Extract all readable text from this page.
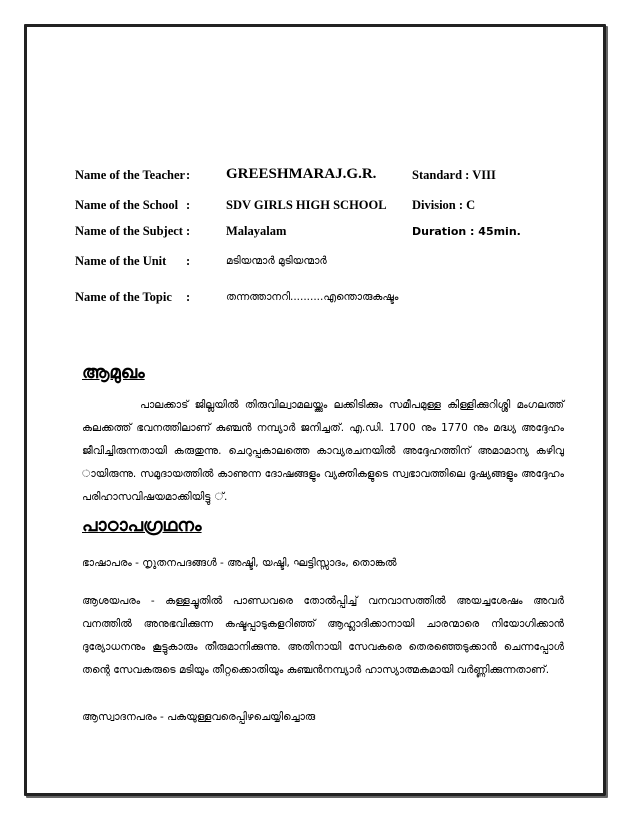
Name of the Teacher : GREESHMARAJ.G.R.	Standard : VIII
Name of the School :	SDV GIRLS HIGH SCHOOL Division : C
Name of the Subject :	Malayalam	Duration : 45min.
Name of the Unit :	മടിയന്മാർ മുടിയന്മാർ
Name of the Topic :	തന്നത്താനറി..........എന്തൊരുകഷ്ടം
ആമുഖം

പാലക്കാട് ജില്ലയിൽ തിരുവില്വാമലയ്ക്കും ലക്കിടിക്കും സമീപമുള്ള കിള്ളിക്കുറിശ്ശി മംഗലത്ത് കലക്കത്ത് ഭവനത്തിലാണ് കുഞ്ചൻ നമ്പ്യാർ ജനിച്ചത്. എ.ഡി. 1700 നും 1770 നും മദ്ധ്യ അദ്ദേഹം ജീവിച്ചിരുന്നതായി കരുതുന്നു. ചെറുപ്പകാലത്തെ കാവ്യരചനയിൽ അദ്ദേഹത്തിന് അമാമാന്യ കഴിവു ായിരുന്നു. സമുദായത്തിൽ കാണുന്ന ദോഷങ്ങളും വ്യക്തികളുടെ സ്വഭാവത്തിലെ ദൂഷ്യങ്ങളും അദ്ദേഹം പരിഹാസവിഷയമാക്കിയിട്ടു ്.

പാഠാപഗ്രഥനം

ഭാഷാപരം - നൃുതനപദങ്ങൾ - അഷ്ടി, യഷ്ടി, ഘട്ടിസ്സാദം, തൊങ്കൽ

ആശയപരം - കള്ളച്ചൂതിൽ പാണ്ഡവരെ തോൽപ്പിച്ച് വനവാസത്തിൽ അയച്ചശേഷം അവർ വനത്തിൽ അനുഭവിക്കുന്ന കഷ്ടപ്പാടുകളറിഞ്ഞ് ആഹ്ലാദിക്കാനായി ചാരന്മാരെ നിയോഗിക്കാൻ ദുര്യോധനനും കൂട്ടുകാരും തീരുമാനിക്കുന്നു. അതിനായി സേവകരെ തെരഞ്ഞെടുക്കാൻ ചെന്നപ്പോൾ തന്റെ സേവകരുടെ മടിയും തീറ്റക്കൊതിയും കുഞ്ചൻനമ്പ്യാർ ഹാസ്യാത്മകമായി വർണ്ണിക്കുന്നതാണ്.

ആസ്വാദനപരം - പകയുള്ളവരെപ്പിഴചെയ്യിച്ചൊരു
